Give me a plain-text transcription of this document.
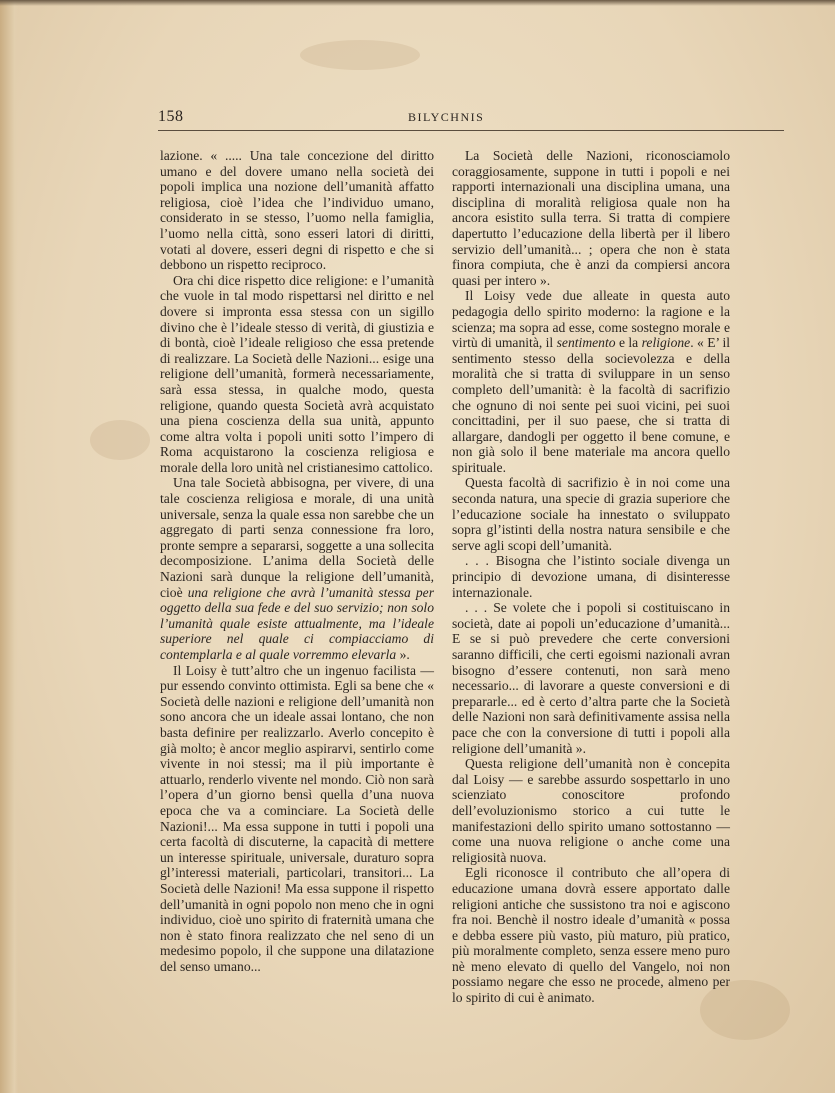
158	BILYCHNIS

lazione. « ..... Una tale concezione del diritto umano e del dovere umano nella società dei popoli implica una nozione dell’umanità affatto religiosa, cioè l’idea che l’individuo umano, considerato in se stesso, l’uomo nella famiglia, l’uomo nella città, sono esseri latori di diritti, votati al dovere, esseri degni di rispetto e che si debbono un rispetto reciproco.

Ora chi dice rispetto dice religione: e l’umanità che vuole in tal modo rispettarsi nel diritto e nel dovere si impronta essa stessa con un sigillo divino che è l’ideale stesso di verità, di giustizia e di bontà, cioè l’ideale religioso che essa pretende di realizzare. La Società delle Nazioni... esige una religione dell’umanità, formerà necessariamente, sarà essa stessa, in qualche modo, questa religione, quando questa Società avrà acquistato una piena coscienza della sua unità, appunto come altra volta i popoli uniti sotto l’impero di Roma acquistarono la coscienza religiosa e morale della loro unità nel cristianesimo cattolico.

Una tale Società abbisogna, per vivere, di una tale coscienza religiosa e morale, di una unità universale, senza la quale essa non sarebbe che un aggregato di parti senza connessione fra loro, pronte sempre a separarsi, soggette a una sollecita decomposizione. L’anima della Società delle Nazioni sarà dunque la religione dell’umanità, cioè una religione che avrà l’umanità stessa per oggetto della sua fede e del suo servizio; non solo l’umanità quale esiste attualmente, ma l’ideale superiore nel quale ci compiacciamo di contemplarla e al quale vorremmo elevarla ».

Il Loisy è tutt’altro che un ingenuo facilista — pur essendo convinto ottimista. Egli sa bene che « Società delle nazioni e religione dell’umanità non sono ancora che un ideale assai lontano, che non basta definire per realizzarlo. Averlo concepito è già molto; è ancor meglio aspirarvi, sentirlo come vivente in noi stessi; ma il più importante è attuarlo, renderlo vivente nel mondo. Ciò non sarà l’opera d’un giorno bensì quella d’una nuova epoca che va a cominciare. La Società delle Nazioni!... Ma essa suppone in tutti i popoli una certa facoltà di discuterne, la capacità di mettere un interesse spirituale, universale, duraturo sopra gl’interessi materiali, particolari, transitori... La Società delle Nazioni! Ma essa suppone il rispetto dell’umanità in ogni popolo non meno che in ogni individuo, cioè uno spirito di fraternità umana che non è stato finora realizzato che nel seno di un medesimo popolo, il che suppone una dilatazione del senso umano...

La Società delle Nazioni, riconosciamolo coraggiosamente, suppone in tutti i popoli e nei rapporti internazionali una disciplina umana, una disciplina di moralità religiosa quale non ha ancora esistito sulla terra. Si tratta di compiere dapertutto l’educazione della libertà per il libero servizio dell’umanità... ; opera che non è stata finora compiuta, che è anzi da compiersi ancora quasi per intero ».

Il Loisy vede due alleate in questa auto pedagogia dello spirito moderno: la ragione e la scienza; ma sopra ad esse, come sostegno morale e virtù di umanità, il sentimento e la religione. « E’ il sentimento stesso della socievolezza e della moralità che si tratta di sviluppare in un senso completo dell’umanità: è la facoltà di sacrifizio che ognuno di noi sente pei suoi vicini, pei suoi concittadini, per il suo paese, che si tratta di allargare, dandogli per oggetto il bene comune, e non già solo il bene materiale ma ancora quello spirituale.

Questa facoltà di sacrifizio è in noi come una seconda natura, una specie di grazia superiore che l’educazione sociale ha innestato o sviluppato sopra gl’istinti della nostra natura sensibile e che serve agli scopi dell’umanità.

. . . Bisogna che l’istinto sociale divenga un principio di devozione umana, di disinteresse internazionale.

. . . Se volete che i popoli si costituiscano in società, date ai popoli un’educazione d’umanità... E se si può prevedere che certe conversioni saranno difficili, che certi egoismi nazionali avran bisogno d’essere contenuti, non sarà meno necessario... di lavorare a queste conversioni e di prepararle... ed è certo d’altra parte che la Società delle Nazioni non sarà definitivamente assisa nella pace che con la conversione di tutti i popoli alla religione dell’umanità ».

Questa religione dell’umanità non è concepita dal Loisy — e sarebbe assurdo sospettarlo in uno scienziato conoscitore profondo dell’evoluzionismo storico a cui tutte le manifestazioni dello spirito umano sottostanno — come una nuova religione o anche come una religiosità nuova.

Egli riconosce il contributo che all’opera di educazione umana dovrà essere apportato dalle religioni antiche che sussistono tra noi e agiscono fra noi. Benchè il nostro ideale d’umanità « possa e debba essere più vasto, più maturo, più pratico, più moralmente completo, senza essere meno puro nè meno elevato di quello del Vangelo, noi non possiamo negare che esso ne procede, almeno per lo spirito di cui è animato.
